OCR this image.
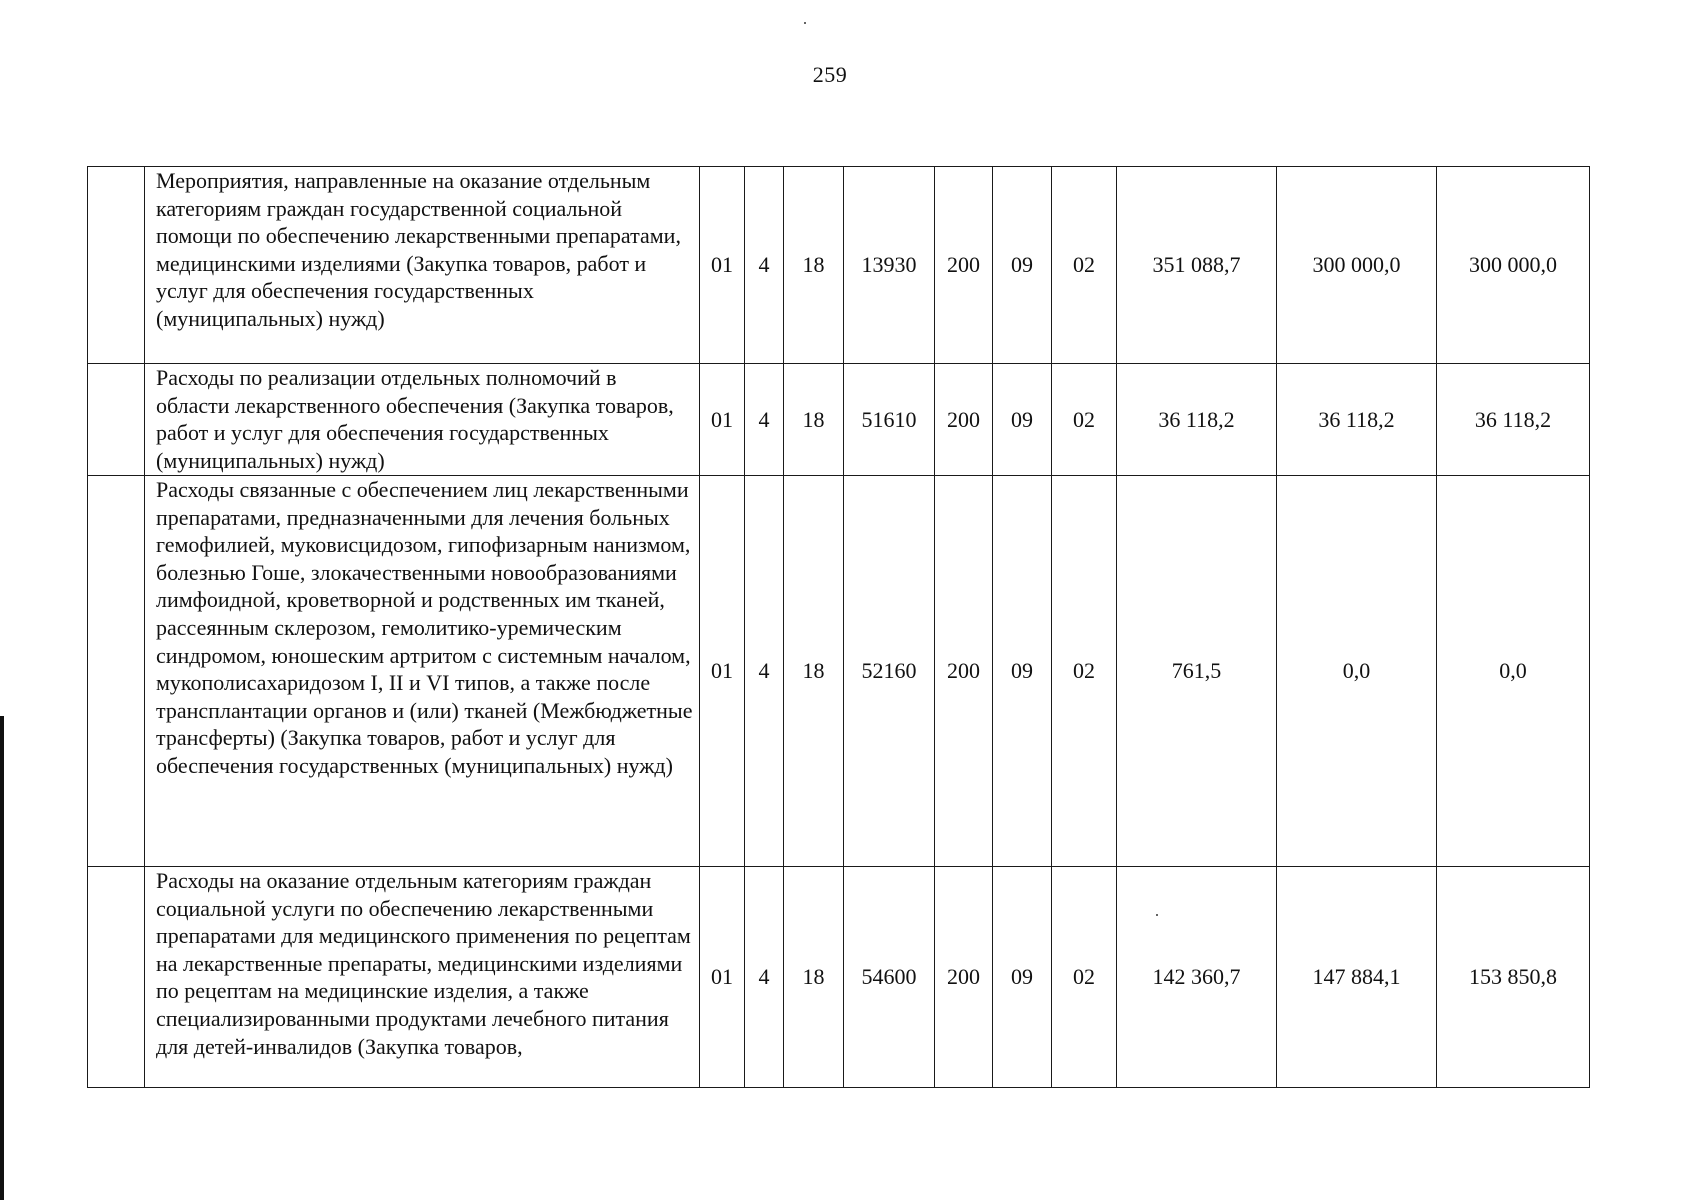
259
	Мероприятия, направленные на оказание отдельным категориям граждан государственной социальной помощи по обеспечению лекарственными препаратами, медицинскими изделиями (Закупка товаров, работ и услуг для обеспечения государственных (муниципальных) нужд)	01	4	18	13930	200	09	02	351 088,7	300 000,0	300 000,0
	Расходы по реализации отдельных полномочий в области лекарственного обеспечения (Закупка товаров, работ и услуг для обеспечения государственных (муниципальных) нужд)	01	4	18	51610	200	09	02	36 118,2	36 118,2	36 118,2
	Расходы связанные с обеспечением лиц лекарственными препаратами, предназначенными для лечения больных гемофилией, муковисцидозом, гипофизарным нанизмом, болезнью Гоше, злокачественными новообразованиями лимфоидной, кроветворной и родственных им тканей, рассеянным склерозом, гемолитико-уремическим синдромом, юношеским артритом с системным началом, мукополисахаридозом I, II и VI типов, а также после трансплантации органов и (или) тканей (Межбюджетные трансферты) (Закупка товаров, работ и услуг для обеспечения государственных (муниципальных) нужд)	01	4	18	52160	200	09	02	761,5	0,0	0,0
	Расходы на оказание отдельным категориям граждан социальной услуги по обеспечению лекарственными препаратами для медицинского применения по рецептам на лекарственные препараты, медицинскими изделиями по рецептам на медицинские изделия, а также специализированными продуктами лечебного питания для детей-инвалидов (Закупка товаров,	01	4	18	54600	200	09	02	142 360,7	147 884,1	153 850,8
